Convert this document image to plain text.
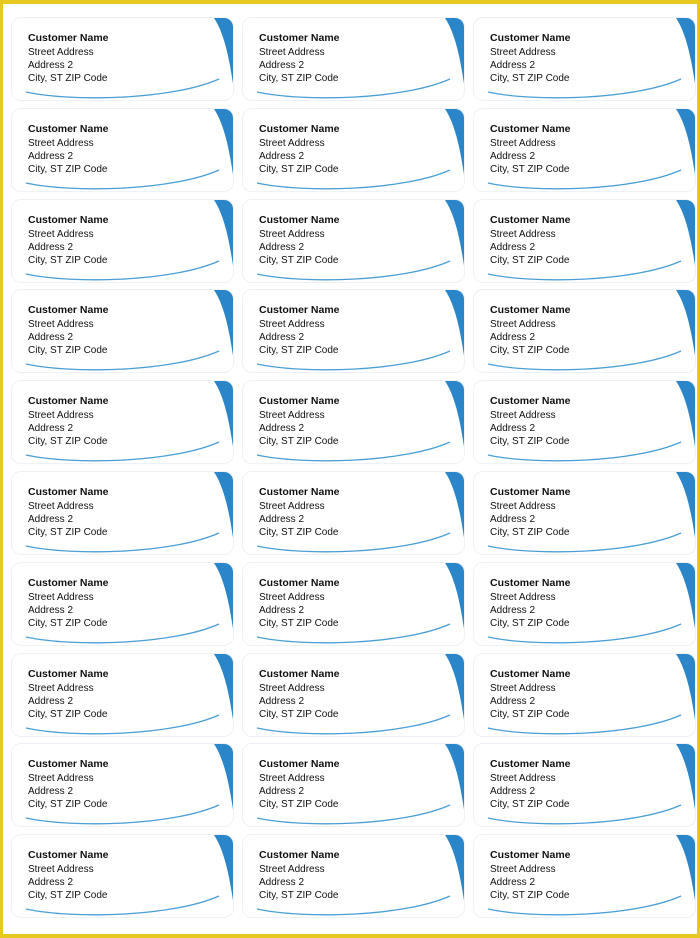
Customer Name
Street Address
Address 2
City, ST ZIP Code
Customer Name
Street Address
Address 2
City, ST ZIP Code
Customer Name
Street Address
Address 2
City, ST ZIP Code
Customer Name
Street Address
Address 2
City, ST ZIP Code
Customer Name
Street Address
Address 2
City, ST ZIP Code
Customer Name
Street Address
Address 2
City, ST ZIP Code
Customer Name
Street Address
Address 2
City, ST ZIP Code
Customer Name
Street Address
Address 2
City, ST ZIP Code
Customer Name
Street Address
Address 2
City, ST ZIP Code
Customer Name
Street Address
Address 2
City, ST ZIP Code
Customer Name
Street Address
Address 2
City, ST ZIP Code
Customer Name
Street Address
Address 2
City, ST ZIP Code
Customer Name
Street Address
Address 2
City, ST ZIP Code
Customer Name
Street Address
Address 2
City, ST ZIP Code
Customer Name
Street Address
Address 2
City, ST ZIP Code
Customer Name
Street Address
Address 2
City, ST ZIP Code
Customer Name
Street Address
Address 2
City, ST ZIP Code
Customer Name
Street Address
Address 2
City, ST ZIP Code
Customer Name
Street Address
Address 2
City, ST ZIP Code
Customer Name
Street Address
Address 2
City, ST ZIP Code
Customer Name
Street Address
Address 2
City, ST ZIP Code
Customer Name
Street Address
Address 2
City, ST ZIP Code
Customer Name
Street Address
Address 2
City, ST ZIP Code
Customer Name
Street Address
Address 2
City, ST ZIP Code
Customer Name
Street Address
Address 2
City, ST ZIP Code
Customer Name
Street Address
Address 2
City, ST ZIP Code
Customer Name
Street Address
Address 2
City, ST ZIP Code
Customer Name
Street Address
Address 2
City, ST ZIP Code
Customer Name
Street Address
Address 2
City, ST ZIP Code
Customer Name
Street Address
Address 2
City, ST ZIP Code
